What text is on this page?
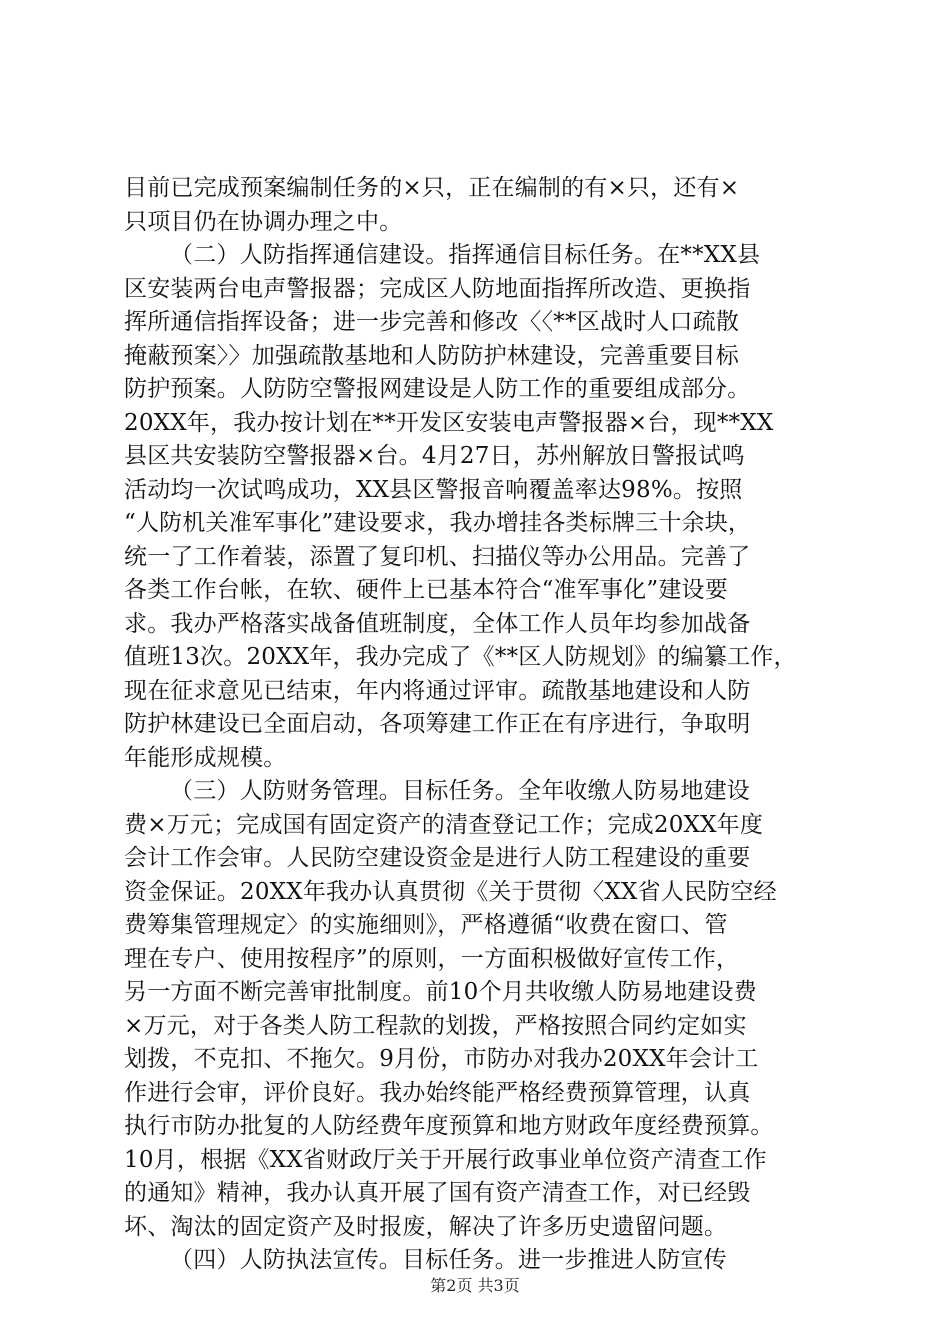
目前已完成预案编制任务的×只，正在编制的有×只，还有×
只项目仍在协调办理之中。
（二）人防指挥通信建设。指挥通信目标任务。在**XX县
区安装两台电声警报器；完成区人防地面指挥所改造、更换指
挥所通信指挥设备；进一步完善和修改〈〈**区战时人口疏散
掩蔽预案〉〉加强疏散基地和人防防护林建设，完善重要目标
防护预案。人防防空警报网建设是人防工作的重要组成部分。
20XX年，我办按计划在**开发区安装电声警报器×台，现**XX
县区共安装防空警报器×台。4月27日，苏州解放日警报试鸣
活动均一次试鸣成功，XX县区警报音响覆盖率达98%。按照
“人防机关准军事化”建设要求，我办增挂各类标牌三十余块，
统一了工作着装，添置了复印机、扫描仪等办公用品。完善了
各类工作台帐，在软、硬件上已基本符合“准军事化”建设要
求。我办严格落实战备值班制度，全体工作人员年均参加战备
值班13次。20XX年，我办完成了《**区人防规划》的编纂工作，
现在征求意见已结束，年内将通过评审。疏散基地建设和人防
防护林建设已全面启动，各项筹建工作正在有序进行，争取明
年能形成规模。
（三）人防财务管理。目标任务。全年收缴人防易地建设
费×万元；完成国有固定资产的清查登记工作；完成20XX年度
会计工作会审。人民防空建设资金是进行人防工程建设的重要
资金保证。20XX年我办认真贯彻《关于贯彻〈XX省人民防空经
费筹集管理规定〉的实施细则》，严格遵循“收费在窗口、管
理在专户、使用按程序”的原则，一方面积极做好宣传工作，
另一方面不断完善审批制度。前10个月共收缴人防易地建设费
×万元，对于各类人防工程款的划拨，严格按照合同约定如实
划拨，不克扣、不拖欠。9月份，市防办对我办20XX年会计工
作进行会审，评价良好。我办始终能严格经费预算管理，认真
执行市防办批复的人防经费年度预算和地方财政年度经费预算。
10月，根据《XX省财政厅关于开展行政事业单位资产清查工作
的通知》精神，我办认真开展了国有资产清查工作，对已经毁
坏、淘汰的固定资产及时报废，解决了许多历史遗留问题。
（四）人防执法宣传。目标任务。进一步推进人防宣传
第2页 共3页
